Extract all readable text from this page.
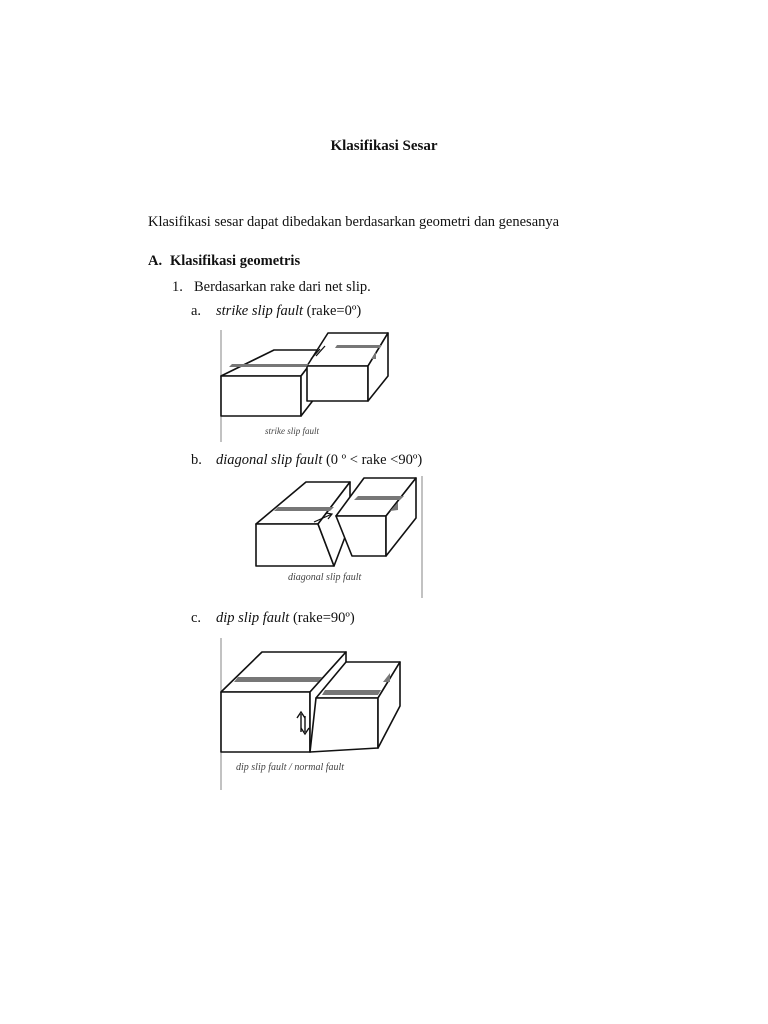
Klasifikasi Sesar
Klasifikasi sesar dapat dibedakan berdasarkan geometri dan genesanya
A. Klasifikasi geometris
1. Berdasarkan rake dari net slip.
a. strike slip fault (rake=0º)
strike slip fault
b. diagonal slip fault (0 º < rake <90º)
diagonal slip fault
c. dip slip fault (rake=90º)
dip slip fault / normal fault
